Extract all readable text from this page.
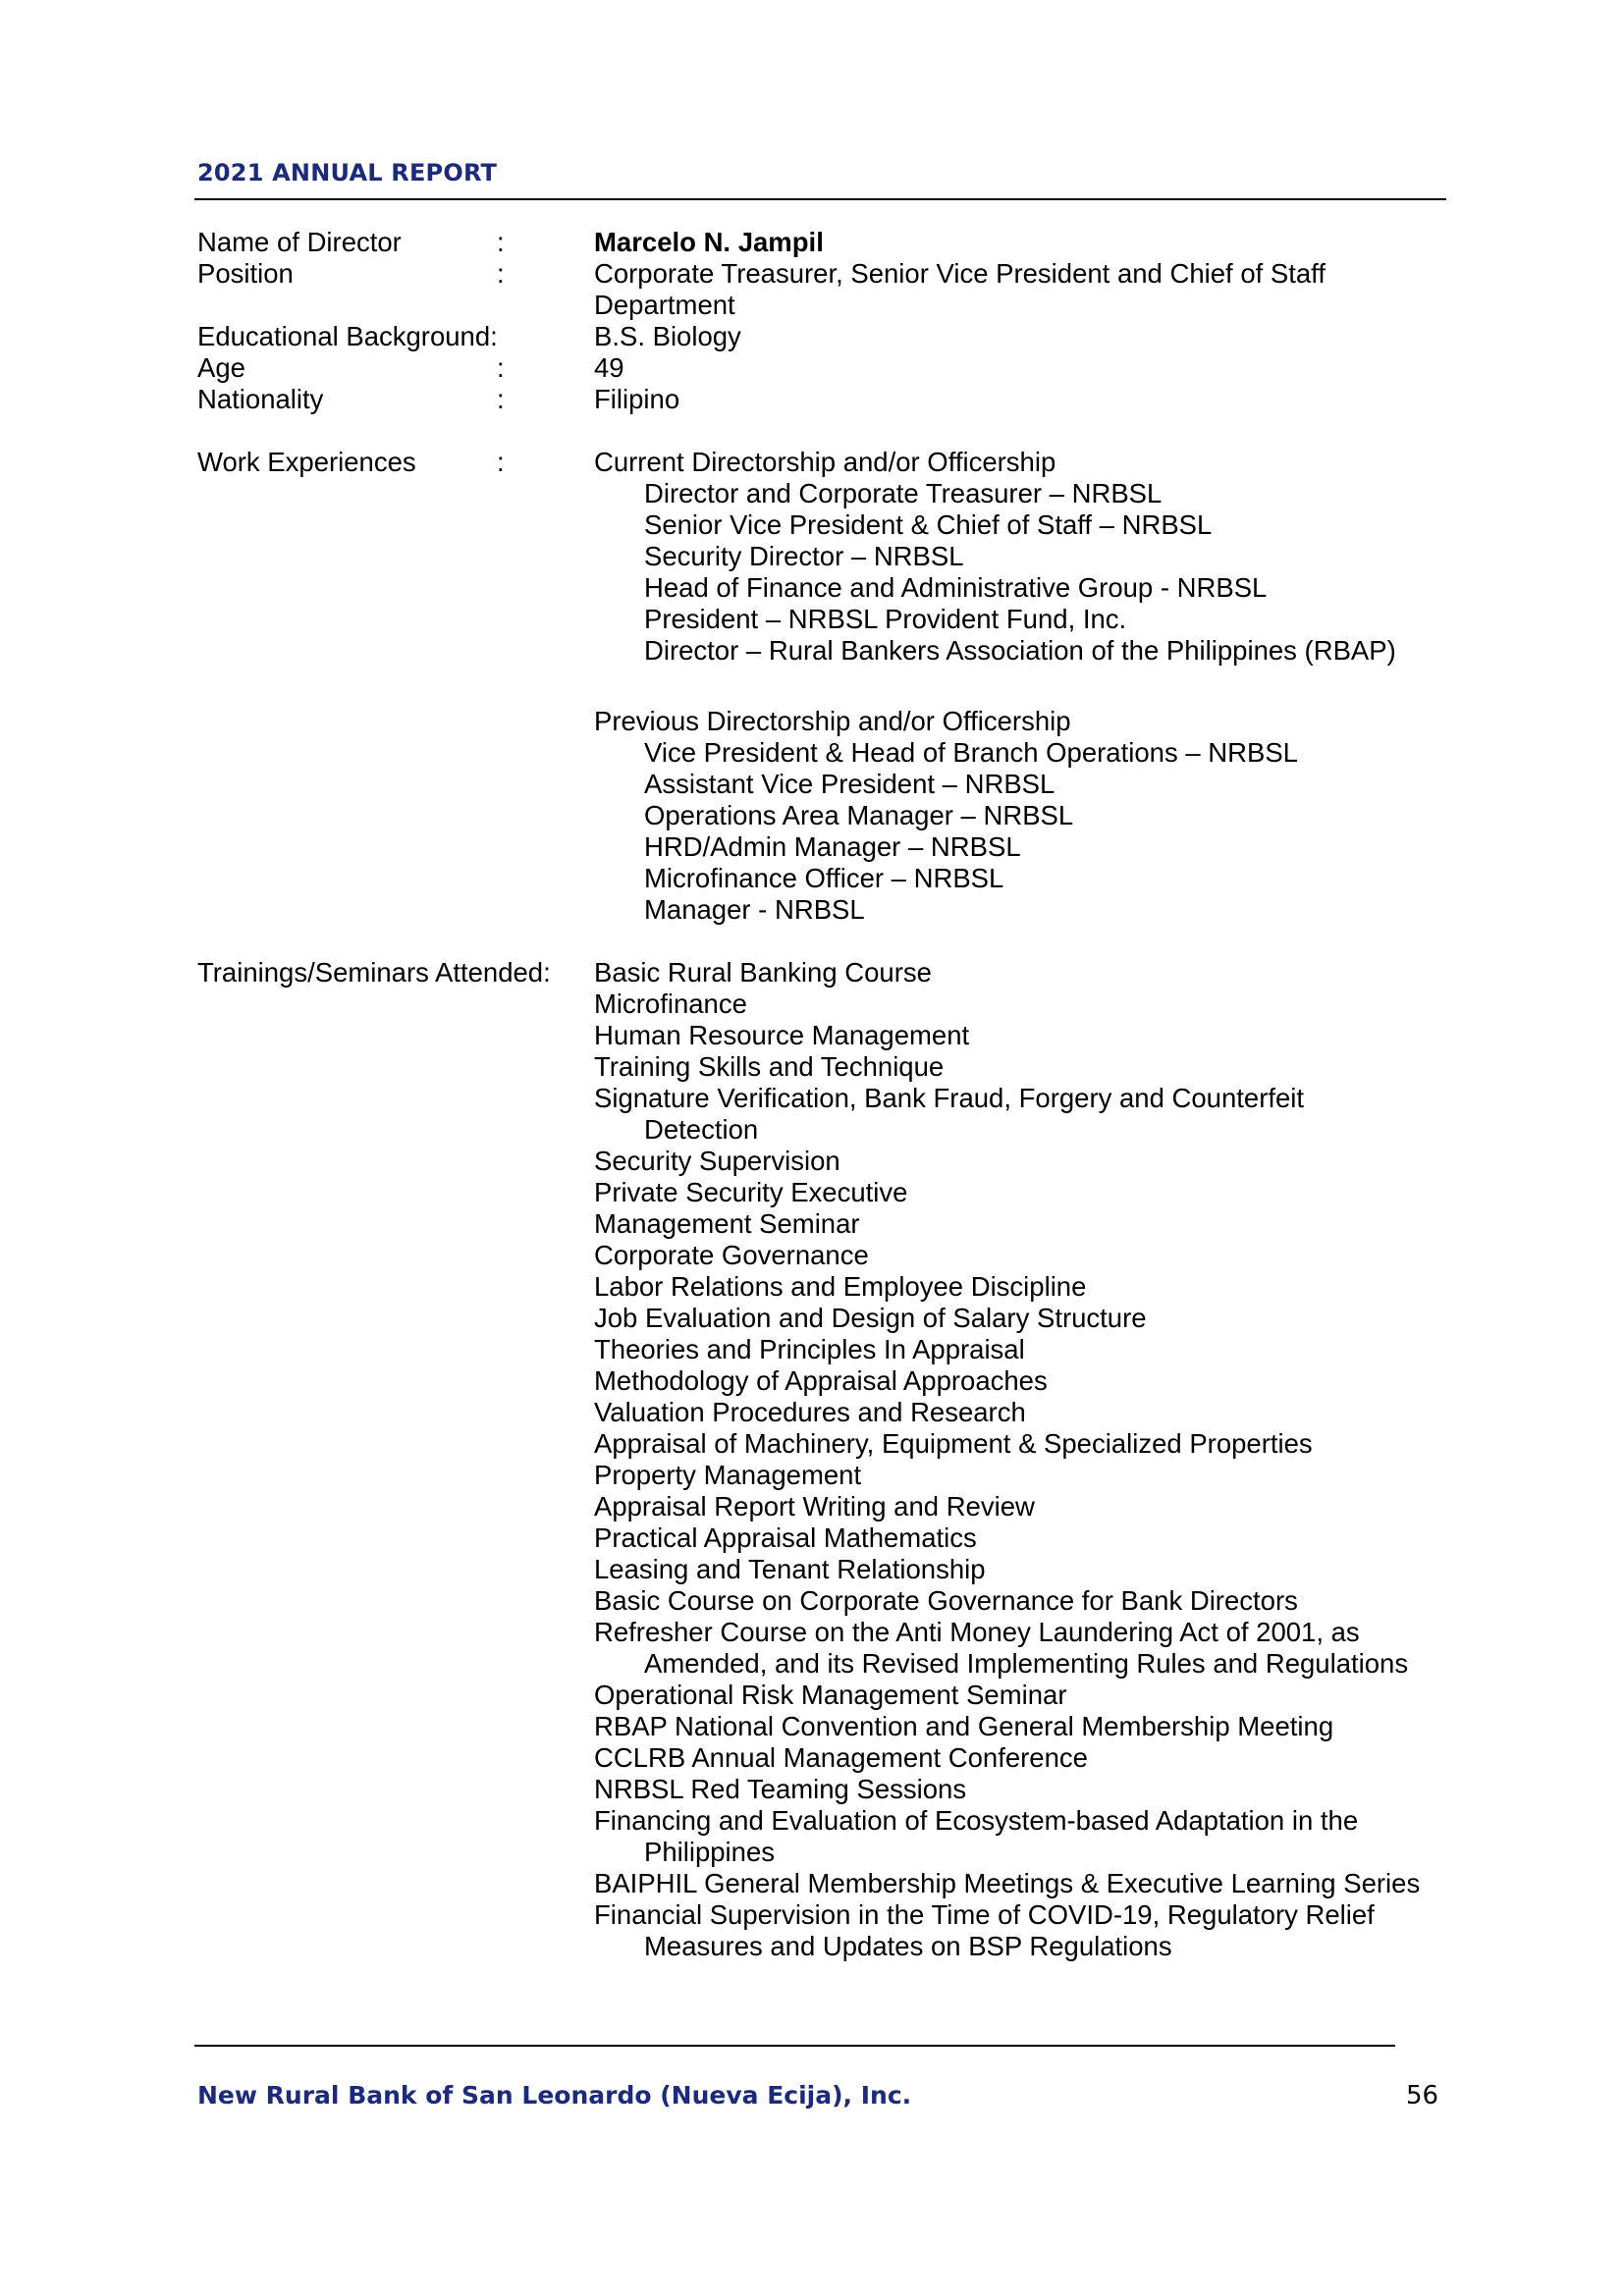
2021 ANNUAL REPORT
Name of Director	:	Marcelo N. Jampil
Position	:	Corporate Treasurer, Senior Vice President and Chief of Staff
Department
Educational Background:	B.S. Biology
Age	:	49
Nationality	:	Filipino
Work Experiences	:	Current Directorship and/or Officership
Director and Corporate Treasurer – NRBSL
Senior Vice President & Chief of Staff – NRBSL
Security Director – NRBSL
Head of Finance and Administrative Group - NRBSL
President – NRBSL Provident Fund, Inc.
Director – Rural Bankers Association of the Philippines (RBAP)
Previous Directorship and/or Officership
Vice President & Head of Branch Operations – NRBSL
Assistant Vice President – NRBSL
Operations Area Manager – NRBSL
HRD/Admin Manager – NRBSL
Microfinance Officer – NRBSL
Manager - NRBSL
Trainings/Seminars Attended: Basic Rural Banking Course
Microfinance
Human Resource Management
Training Skills and Technique
Signature Verification, Bank Fraud, Forgery and Counterfeit
Detection
Security Supervision
Private Security Executive
Management Seminar
Corporate Governance
Labor Relations and Employee Discipline
Job Evaluation and Design of Salary Structure
Theories and Principles In Appraisal
Methodology of Appraisal Approaches
Valuation Procedures and Research
Appraisal of Machinery, Equipment & Specialized Properties
Property Management
Appraisal Report Writing and Review
Practical Appraisal Mathematics
Leasing and Tenant Relationship
Basic Course on Corporate Governance for Bank Directors
Refresher Course on the Anti Money Laundering Act of 2001, as
Amended, and its Revised Implementing Rules and Regulations
Operational Risk Management Seminar
RBAP National Convention and General Membership Meeting
CCLRB Annual Management Conference
NRBSL Red Teaming Sessions
Financing and Evaluation of Ecosystem-based Adaptation in the
Philippines
BAIPHIL General Membership Meetings & Executive Learning Series
Financial Supervision in the Time of COVID-19, Regulatory Relief
Measures and Updates on BSP Regulations
New Rural Bank of San Leonardo (Nueva Ecija), Inc.	56
